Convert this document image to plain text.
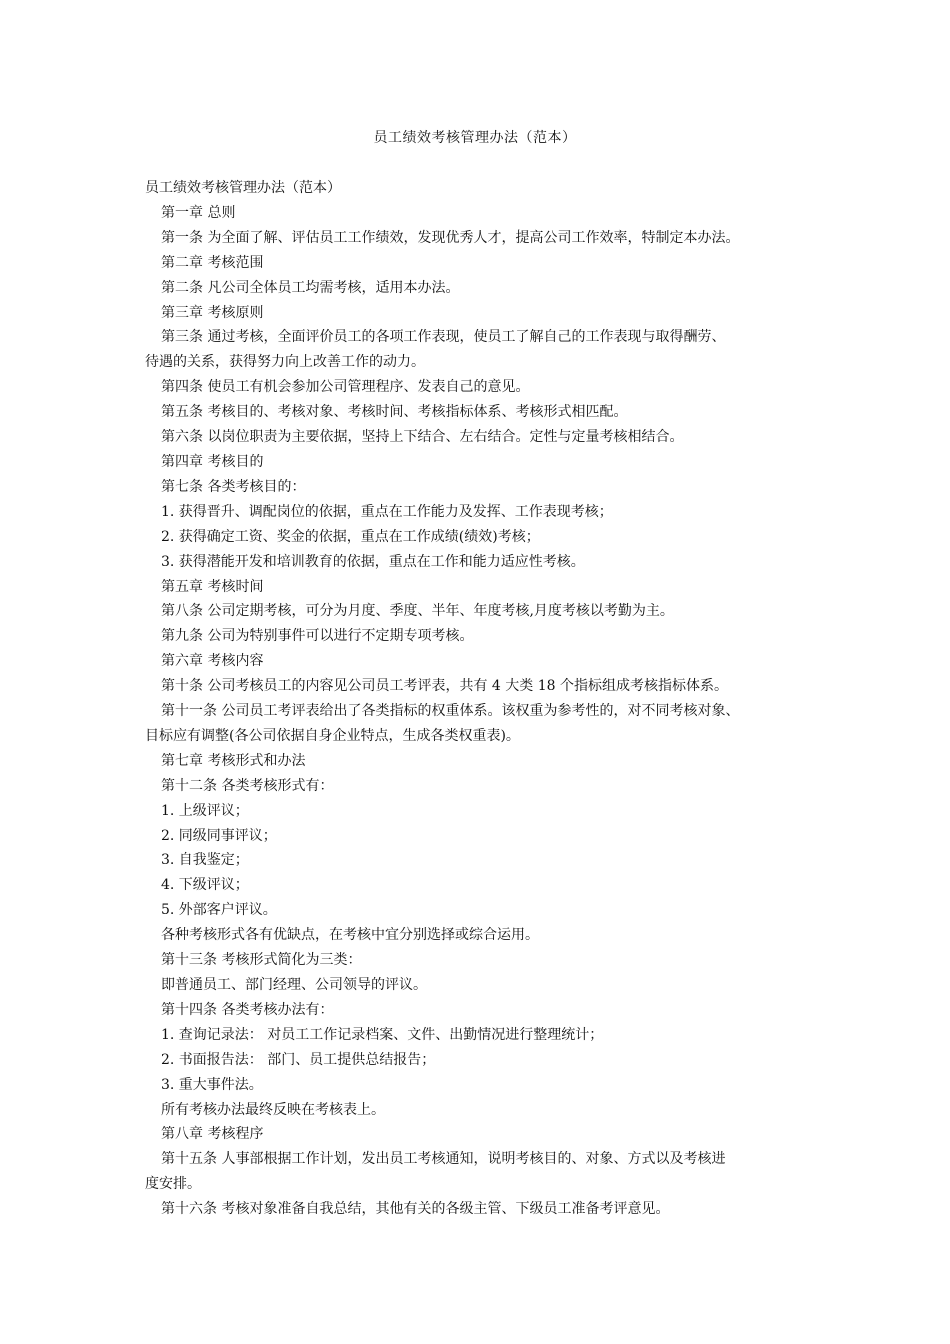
员工绩效考核管理办法（范本）
员工绩效考核管理办法（范本）
第一章 总则
第一条 为全面了解、评估员工工作绩效，发现优秀人才，提高公司工作效率，特制定本办法。
第二章 考核范围
第二条 凡公司全体员工均需考核，适用本办法。
第三章 考核原则
第三条 通过考核，全面评价员工的各项工作表现，使员工了解自己的工作表现与取得酬劳、
待遇的关系，获得努力向上改善工作的动力。
第四条 使员工有机会参加公司管理程序、发表自己的意见。
第五条 考核目的、考核对象、考核时间、考核指标体系、考核形式相匹配。
第六条 以岗位职责为主要依据，坚持上下结合、左右结合。定性与定量考核相结合。
第四章 考核目的
第七条 各类考核目的：
1. 获得晋升、调配岗位的依据，重点在工作能力及发挥、工作表现考核；
2. 获得确定工资、奖金的依据，重点在工作成绩(绩效)考核；
3. 获得潜能开发和培训教育的依据，重点在工作和能力适应性考核。
第五章 考核时间
第八条 公司定期考核，可分为月度、季度、半年、年度考核,月度考核以考勤为主。
第九条 公司为特别事件可以进行不定期专项考核。
第六章 考核内容
第十条 公司考核员工的内容见公司员工考评表，共有 4 大类 18 个指标组成考核指标体系。
第十一条 公司员工考评表给出了各类指标的权重体系。该权重为参考性的，对不同考核对象、
目标应有调整(各公司依据自身企业特点，生成各类权重表)。
第七章 考核形式和办法
第十二条 各类考核形式有：
1. 上级评议；
2. 同级同事评议；
3. 自我鉴定；
4. 下级评议；
5. 外部客户评议。
各种考核形式各有优缺点，在考核中宜分别选择或综合运用。
第十三条 考核形式简化为三类：
即普通员工、部门经理、公司领导的评议。
第十四条 各类考核办法有：
1. 查询记录法： 对员工工作记录档案、文件、出勤情况进行整理统计；
2. 书面报告法： 部门、员工提供总结报告；
3. 重大事件法。
所有考核办法最终反映在考核表上。
第八章 考核程序
第十五条 人事部根据工作计划，发出员工考核通知，说明考核目的、对象、方式以及考核进
度安排。
第十六条 考核对象准备自我总结，其他有关的各级主管、下级员工准备考评意见。
